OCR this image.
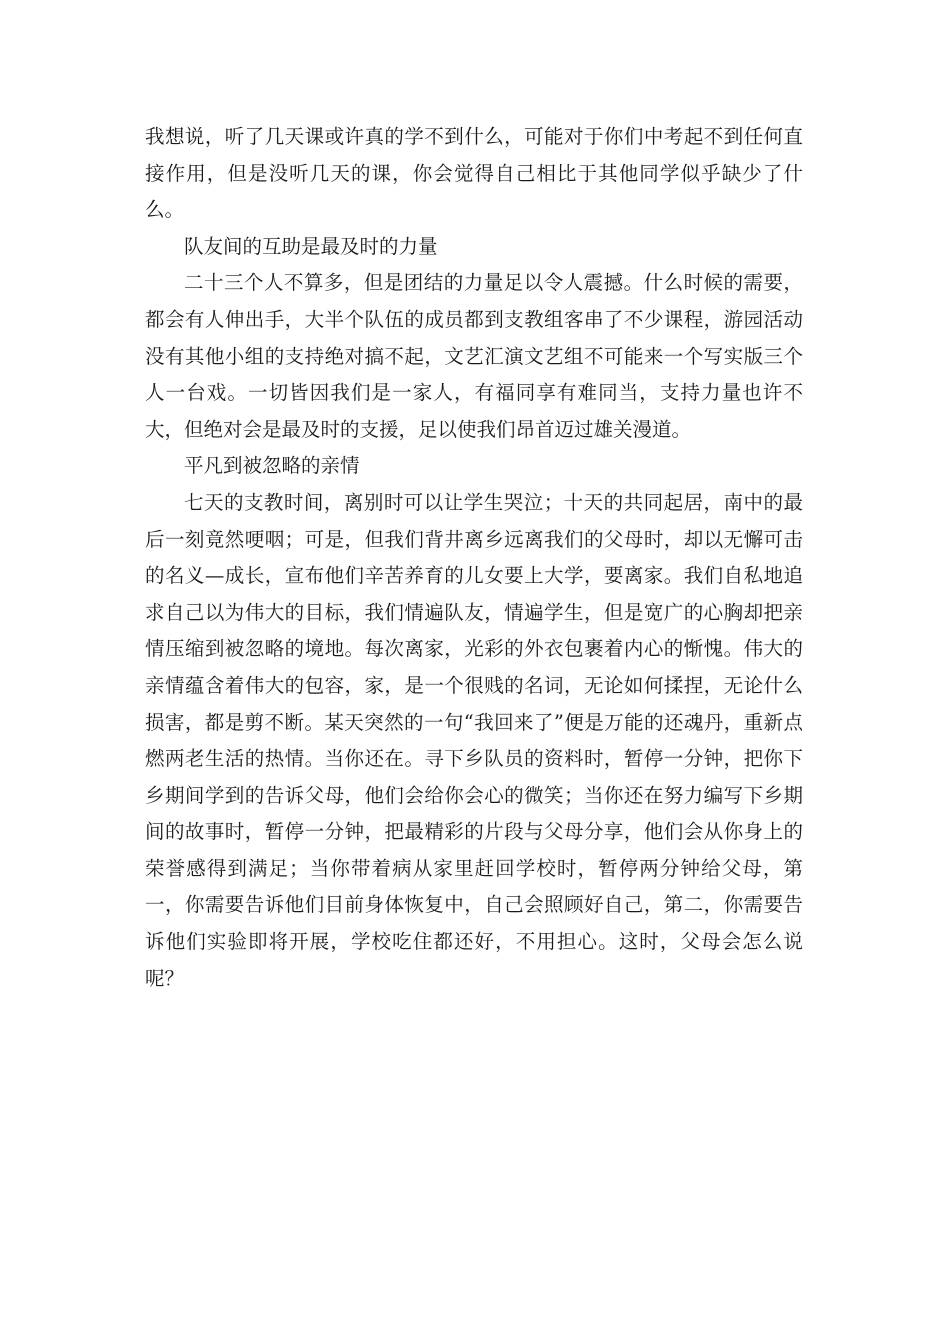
我想说，听了几天课或许真的学不到什么，可能对于你们中考起不到任何直接作用，但是没听几天的课，你会觉得自己相比于其他同学似乎缺少了什么。

队友间的互助是最及时的力量

二十三个人不算多，但是团结的力量足以令人震撼。什么时候的需要，都会有人伸出手，大半个队伍的成员都到支教组客串了不少课程，游园活动没有其他小组的支持绝对搞不起，文艺汇演文艺组不可能来一个写实版三个人一台戏。一切皆因我们是一家人，有福同享有难同当，支持力量也许不大，但绝对会是最及时的支援，足以使我们昂首迈过雄关漫道。

平凡到被忽略的亲情

七天的支教时间，离别时可以让学生哭泣；十天的共同起居，南中的最后一刻竟然哽咽；可是，但我们背井离乡远离我们的父母时，却以无懈可击的名义—成长，宣布他们辛苦养育的儿女要上大学，要离家。我们自私地追求自己以为伟大的目标，我们情遍队友，情遍学生，但是宽广的心胸却把亲情压缩到被忽略的境地。每次离家，光彩的外衣包裹着内心的惭愧。伟大的亲情蕴含着伟大的包容，家，是一个很贱的名词，无论如何揉捏，无论什么损害，都是剪不断。某天突然的一句“我回来了”便是万能的还魂丹，重新点燃两老生活的热情。当你还在。寻下乡队员的资料时，暂停一分钟，把你下乡期间学到的告诉父母，他们会给你会心的微笑；当你还在努力编写下乡期间的故事时，暂停一分钟，把最精彩的片段与父母分享，他们会从你身上的荣誉感得到满足；当你带着病从家里赶回学校时，暂停两分钟给父母，第一，你需要告诉他们目前身体恢复中，自己会照顾好自己，第二，你需要告诉他们实验即将开展，学校吃住都还好，不用担心。这时，父母会怎么说呢？
